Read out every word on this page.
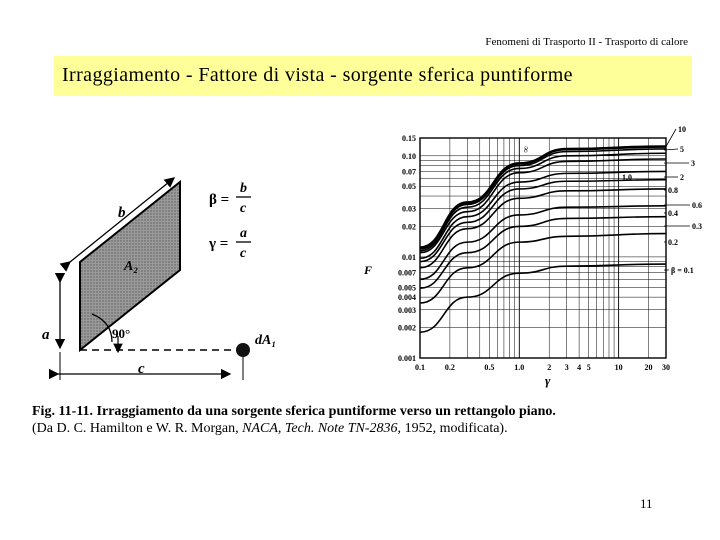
Fenomeni di Trasporto II - Trasporto di calore
Irraggiamento - Fattore di vista - sorgente sferica puntiforme
b
a
c
A₂
90°	dA₁
β =
b
c
γ =
a
c
0.15
0.10
0.07
0.05
0.03
0.02
0.01
0.007
0.005
0.004
0.003
0.002
0.001
0.1 0.2	0.5 1.0	2 3 4 5	10	20 30
10
5
3
2
1.0
0.8
0.6
0.4
0.3
0.2
β = 0.1
∞
F
γ
Fig. 11-11. Irraggiamento da una sorgente sferica puntiforme verso un rettangolo piano.
(Da D. C. Hamilton e W. R. Morgan, NACA, Tech. Note TN-2836, 1952, modificata).
11
